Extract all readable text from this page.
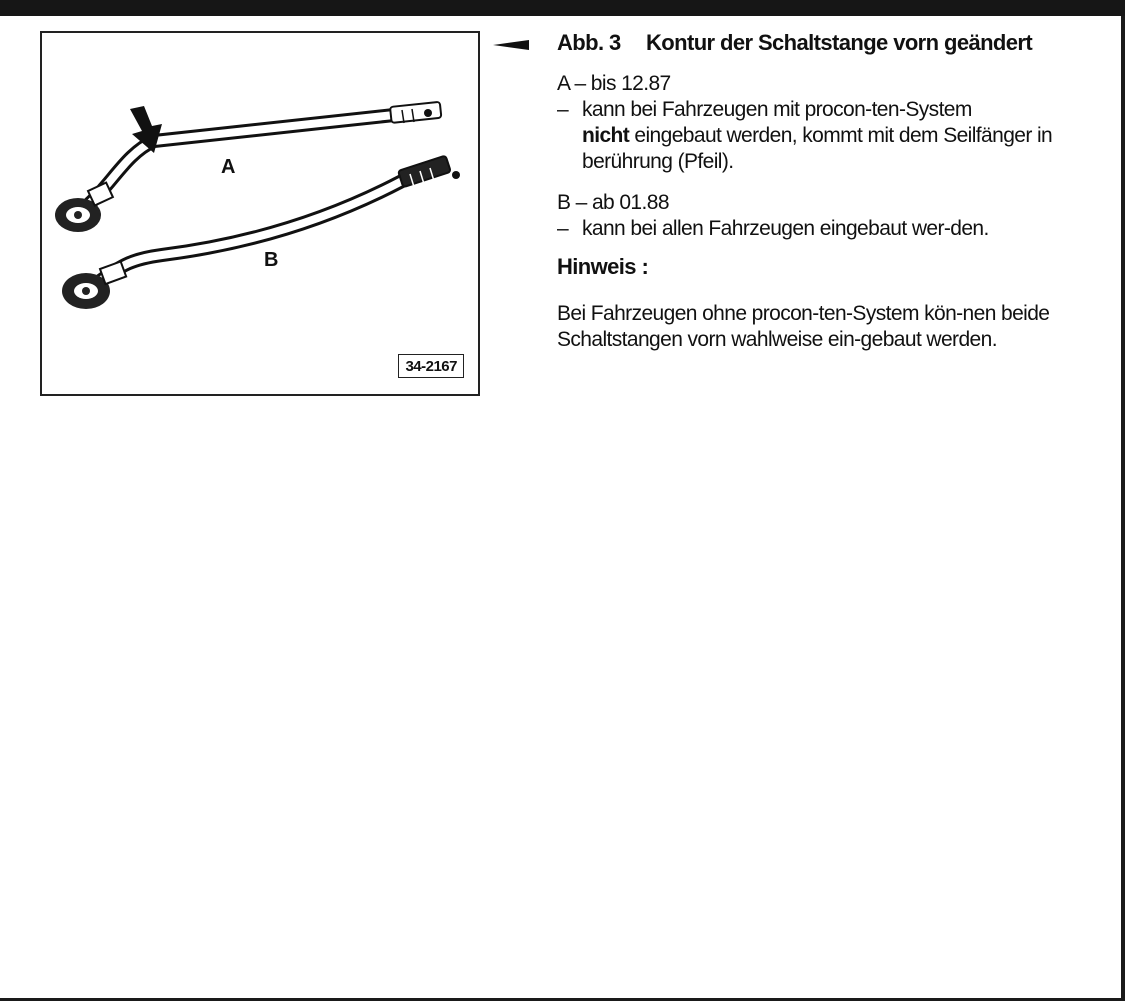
A
B
34-2167
Abb. 3 Kontur der Schaltstange vorn geändert
A – bis 12.87
– kann bei Fahrzeugen mit procon-ten-System
nicht eingebaut werden, kommt mit dem Seilfänger in berührung (Pfeil).
B – ab 01.88
– kann bei allen Fahrzeugen eingebaut wer-den.
Hinweis :
Bei Fahrzeugen ohne procon-ten-System kön-nen beide Schaltstangen vorn wahlweise ein-gebaut werden.
